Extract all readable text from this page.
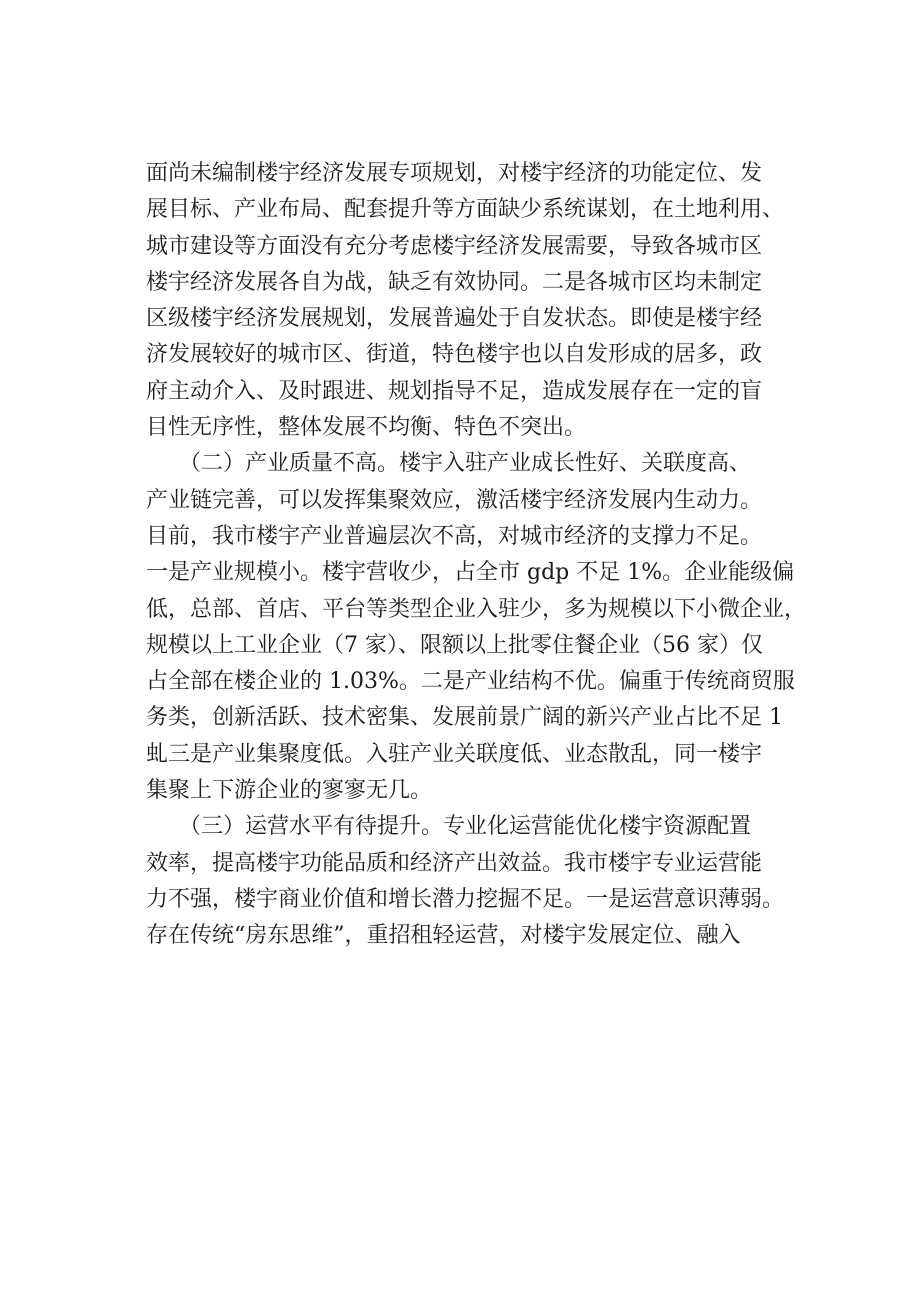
面尚未编制楼宇经济发展专项规划，对楼宇经济的功能定位、发
展目标、产业布局、配套提升等方面缺少系统谋划，在土地利用、
城市建设等方面没有充分考虑楼宇经济发展需要，导致各城市区
楼宇经济发展各自为战，缺乏有效协同。二是各城市区均未制定
区级楼宇经济发展规划，发展普遍处于自发状态。即使是楼宇经
济发展较好的城市区、街道，特色楼宇也以自发形成的居多，政
府主动介入、及时跟进、规划指导不足，造成发展存在一定的盲
目性无序性，整体发展不均衡、特色不突出。
　　（二）产业质量不高。楼宇入驻产业成长性好、关联度高、
产业链完善，可以发挥集聚效应，激活楼宇经济发展内生动力。
目前，我市楼宇产业普遍层次不高，对城市经济的支撑力不足。
一是产业规模小。楼宇营收少，占全市 gdp 不足 1%。企业能级偏
低，总部、首店、平台等类型企业入驻少，多为规模以下小微企业，
规模以上工业企业（7 家）、限额以上批零住餐企业（56 家）仅
占全部在楼企业的 1.03%。二是产业结构不优。偏重于传统商贸服
务类，创新活跃、技术密集、发展前景广阔的新兴产业占比不足 1
虬三是产业集聚度低。入驻产业关联度低、业态散乱，同一楼宇
集聚上下游企业的寥寥无几。
　　（三）运营水平有待提升。专业化运营能优化楼宇资源配置
效率，提高楼宇功能品质和经济产出效益。我市楼宇专业运营能
力不强，楼宇商业价值和增长潜力挖掘不足。一是运营意识薄弱。
存在传统“房东思维”，重招租轻运营，对楼宇发展定位、融入
